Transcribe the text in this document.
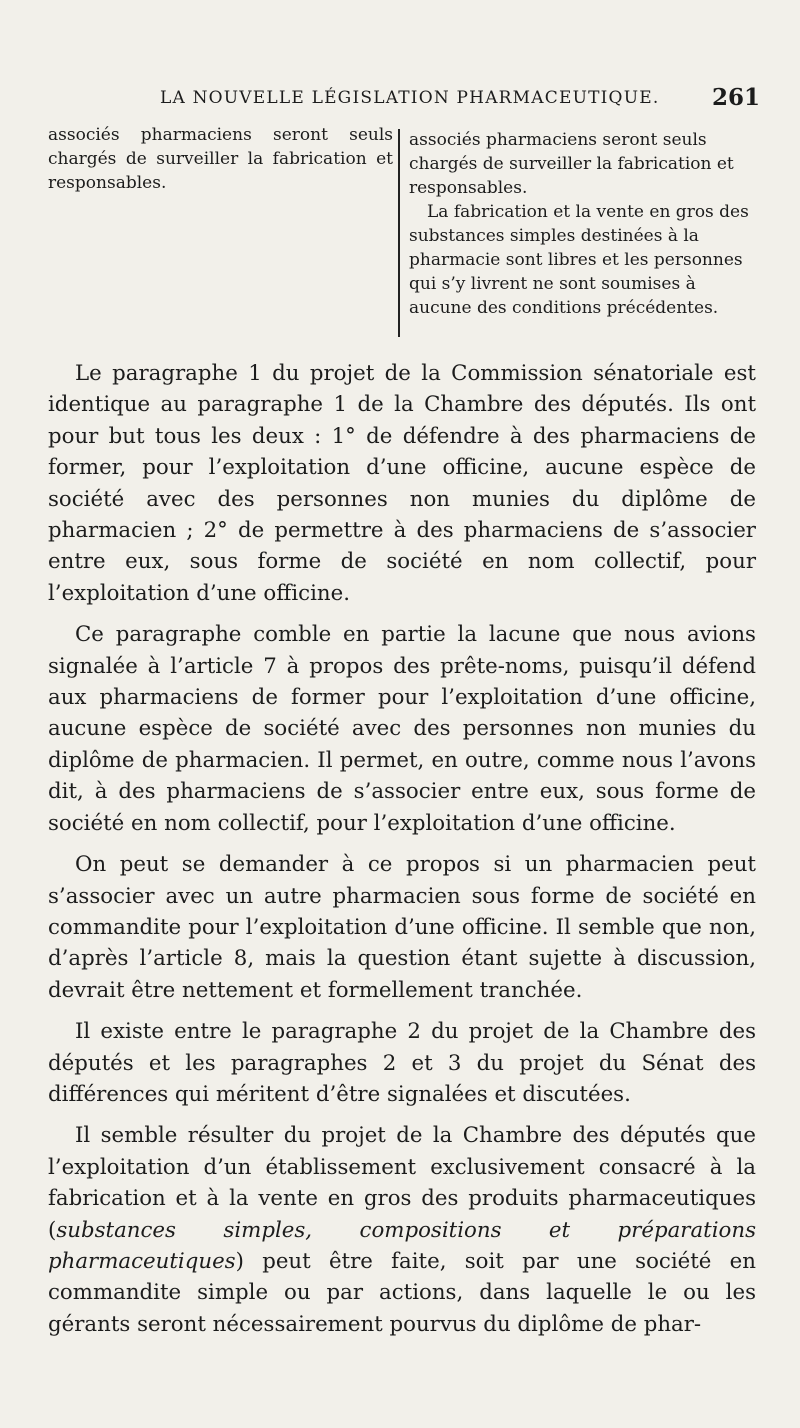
LA NOUVELLE LÉGISLATION PHARMACEUTIQUE. 261

associés pharmaciens seront seuls chargés de surveiller la fabrication et responsables.

associés pharmaciens seront seuls chargés de surveiller la fabrication et responsables.

La fabrication et la vente en gros des substances simples destinées à la pharmacie sont libres et les personnes qui s’y livrent ne sont soumises à aucune des conditions précédentes.

Le paragraphe 1 du projet de la Commission sénatoriale est identique au paragraphe 1 de la Chambre des députés. Ils ont pour but tous les deux : 1° de défendre à des pharmaciens de former, pour l’exploitation d’une officine, aucune espèce de société avec des personnes non munies du diplôme de pharmacien ; 2° de permettre à des pharmaciens de s’associer entre eux, sous forme de société en nom collectif, pour l’exploitation d’une officine.

Ce paragraphe comble en partie la lacune que nous avions signalée à l’article 7 à propos des prête-noms, puisqu’il défend aux pharmaciens de former pour l’exploitation d’une officine, aucune espèce de société avec des personnes non munies du diplôme de pharmacien. Il permet, en outre, comme nous l’avons dit, à des pharmaciens de s’associer entre eux, sous forme de société en nom collectif, pour l’exploitation d’une officine.

On peut se demander à ce propos si un pharmacien peut s’associer avec un autre pharmacien sous forme de société en commandite pour l’exploitation d’une officine. Il semble que non, d’après l’article 8, mais la question étant sujette à discussion, devrait être nettement et formellement tranchée.

Il existe entre le paragraphe 2 du projet de la Chambre des députés et les paragraphes 2 et 3 du projet du Sénat des différences qui méritent d’être signalées et discutées.

Il semble résulter du projet de la Chambre des députés que l’exploitation d’un établissement exclusivement consacré à la fabrication et à la vente en gros des produits pharmaceutiques (substances simples, compositions et préparations pharmaceutiques) peut être faite, soit par une société en commandite simple ou par actions, dans laquelle le ou les gérants seront nécessairement pourvus du diplôme de phar-
